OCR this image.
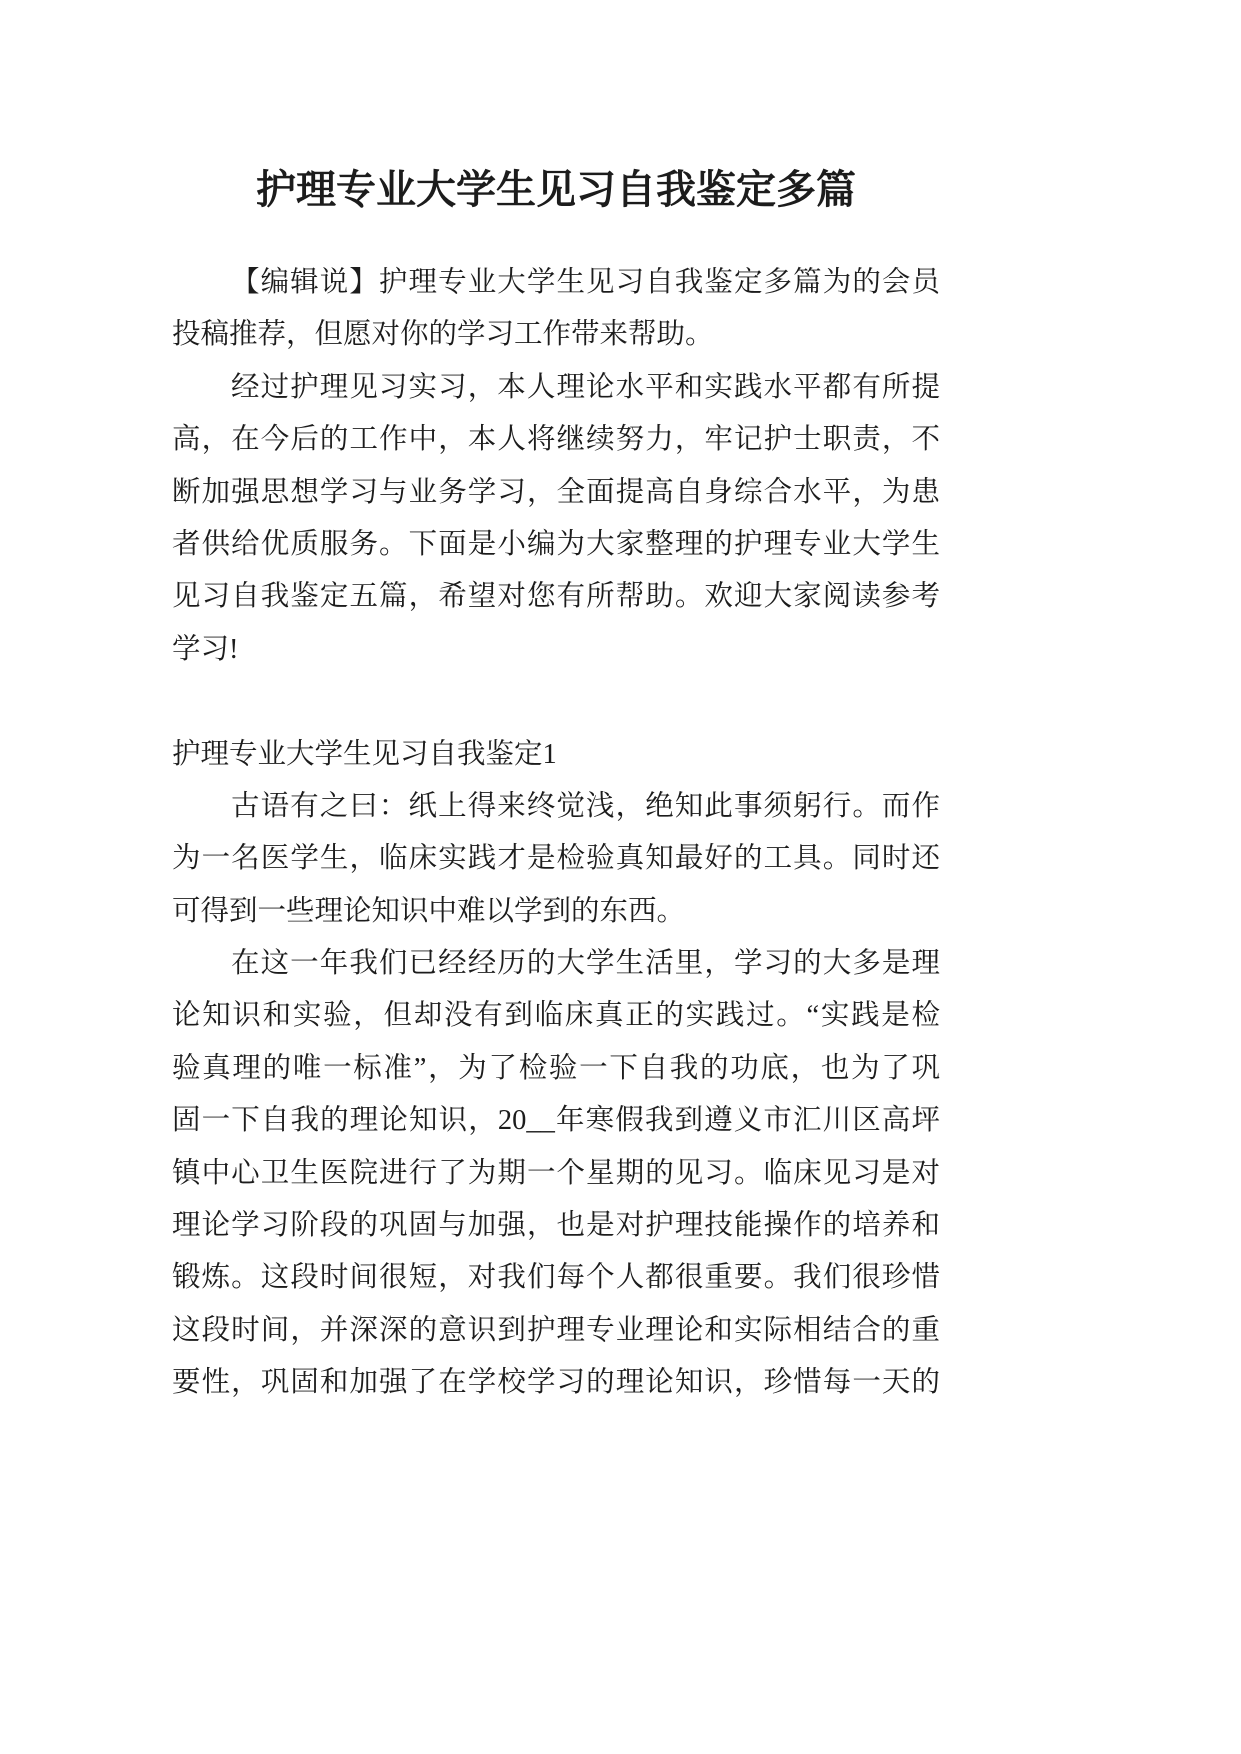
护理专业大学生见习自我鉴定多篇
【编辑说】护理专业大学生见习自我鉴定多篇为的会员
投稿推荐，但愿对你的学习工作带来帮助。
经过护理见习实习，本人理论水平和实践水平都有所提
高，在今后的工作中，本人将继续努力，牢记护士职责，不
断加强思想学习与业务学习，全面提高自身综合水平，为患
者供给优质服务。下面是小编为大家整理的护理专业大学生
见习自我鉴定五篇，希望对您有所帮助。欢迎大家阅读参考
学习!
护理专业大学生见习自我鉴定1
古语有之曰：纸上得来终觉浅，绝知此事须躬行。而作
为一名医学生，临床实践才是检验真知最好的工具。同时还
可得到一些理论知识中难以学到的东西。
在这一年我们已经经历的大学生活里，学习的大多是理
论知识和实验，但却没有到临床真正的实践过。“实践是检
验真理的唯一标准”，为了检验一下自我的功底，也为了巩
固一下自我的理论知识，20__年寒假我到遵义市汇川区高坪
镇中心卫生医院进行了为期一个星期的见习。临床见习是对
理论学习阶段的巩固与加强，也是对护理技能操作的培养和
锻炼。这段时间很短，对我们每个人都很重要。我们很珍惜
这段时间，并深深的意识到护理专业理论和实际相结合的重
要性，巩固和加强了在学校学习的理论知识，珍惜每一天的
